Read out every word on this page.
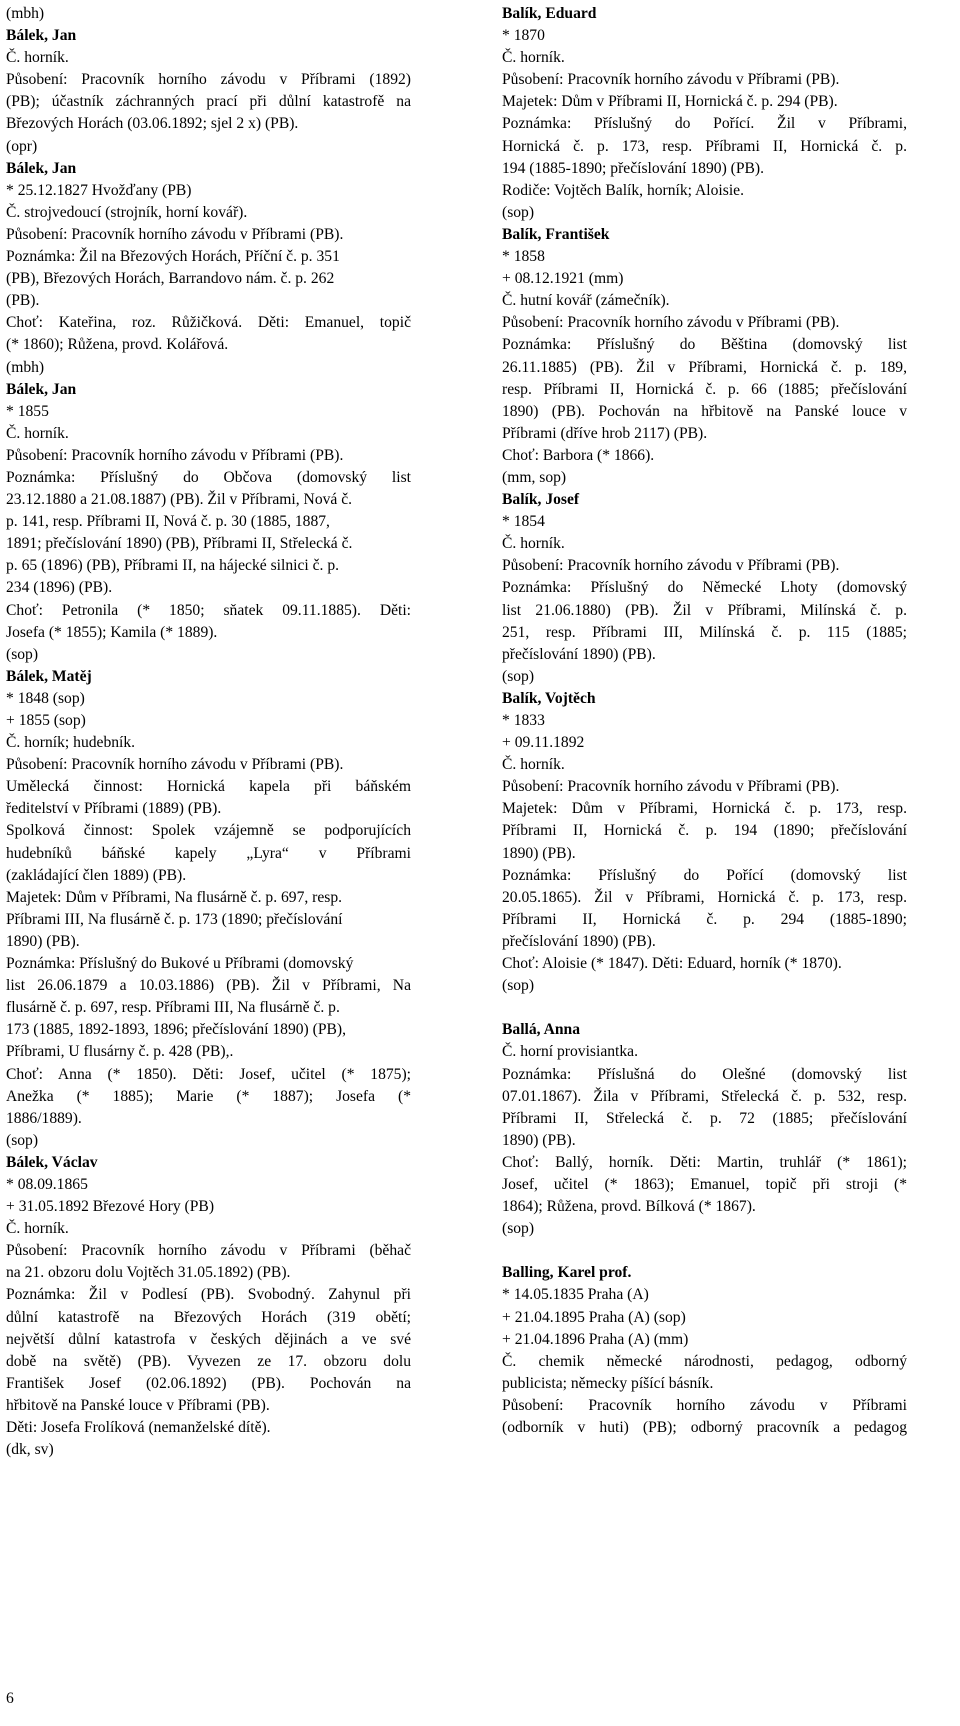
(mbh)
Bálek, Jan
Č. horník.
Působení: Pracovník horního závodu v Příbrami (1892)
(PB); účastník záchranných prací při důlní katastrofě na
Březových Horách (03.06.1892; sjel 2 x) (PB).
(opr)
Bálek, Jan
* 25.12.1827 Hvožďany (PB)
Č. strojvedoucí (strojník, horní kovář).
Působení: Pracovník horního závodu v Příbrami (PB).
Poznámka: Žil na Březových Horách, Příční č. p. 351
(PB), Březových Horách, Barrandovo nám. č. p. 262
(PB).
Choť: Kateřina, roz. Růžičková. Děti: Emanuel, topič
(* 1860); Růžena, provd. Kolářová.
(mbh)
Bálek, Jan
* 1855
Č. horník.
Působení: Pracovník horního závodu v Příbrami (PB).
Poznámka: Příslušný do Občova (domovský list
23.12.1880 a 21.08.1887) (PB). Žil v Příbrami, Nová č.
p. 141, resp. Příbrami II, Nová č. p. 30 (1885, 1887,
1891; přečíslování 1890) (PB), Příbrami II, Střelecká č.
p. 65 (1896) (PB), Příbrami II, na hájecké silnici č. p.
234 (1896) (PB).
Choť: Petronila (* 1850; sňatek 09.11.1885). Děti:
Josefa (* 1855); Kamila (* 1889).
(sop)
Bálek, Matěj
* 1848 (sop)
+ 1855 (sop)
Č. horník; hudebník.
Působení: Pracovník horního závodu v Příbrami (PB).
Umělecká činnost: Hornická kapela při báňském
ředitelství v Příbrami (1889) (PB).
Spolková činnost: Spolek vzájemně se podporujících
hudebníků báňské kapely „Lyra“ v Příbrami
(zakládající člen 1889) (PB).
Majetek: Dům v Příbrami, Na flusárně č. p. 697, resp.
Příbrami III, Na flusárně č. p. 173 (1890; přečíslování
1890) (PB).
Poznámka: Příslušný do Bukové u Příbrami (domovský
list 26.06.1879 a 10.03.1886) (PB). Žil v Příbrami, Na
flusárně č. p. 697, resp. Příbrami III, Na flusárně č. p.
173 (1885, 1892-1893, 1896; přečíslování 1890) (PB),
Příbrami, U flusárny č. p. 428 (PB),.
Choť: Anna (* 1850). Děti: Josef, učitel (* 1875);
Anežka (* 1885); Marie (* 1887); Josefa (*
1886/1889).
(sop)
Bálek, Václav
* 08.09.1865
+ 31.05.1892 Březové Hory (PB)
Č. horník.
Působení: Pracovník horního závodu v Příbrami (běhač
na 21. obzoru dolu Vojtěch 31.05.1892) (PB).
Poznámka: Žil v Podlesí (PB). Svobodný. Zahynul při
důlní katastrofě na Březových Horách (319 obětí;
největší důlní katastrofa v českých dějinách a ve své
době na světě) (PB). Vyvezen ze 17. obzoru dolu
František Josef (02.06.1892) (PB). Pochován na
hřbitově na Panské louce v Příbrami (PB).
Děti: Josefa Frolíková (nemanželské dítě).
(dk, sv)
Balík, Eduard
* 1870
Č. horník.
Působení: Pracovník horního závodu v Příbrami (PB).
Majetek: Dům v Příbrami II, Hornická č. p. 294 (PB).
Poznámka: Příslušný do Pořící. Žil v Příbrami,
Hornická č. p. 173, resp. Příbrami II, Hornická č. p.
194 (1885-1890; přečíslování 1890) (PB).
Rodiče: Vojtěch Balík, horník; Aloisie.
(sop)
Balík, František
* 1858
+ 08.12.1921 (mm)
Č. hutní kovář (zámečník).
Působení: Pracovník horního závodu v Příbrami (PB).
Poznámka: Příslušný do Běština (domovský list
26.11.1885) (PB). Žil v Příbrami, Hornická č. p. 189,
resp. Příbrami II, Hornická č. p. 66 (1885; přečíslování
1890) (PB). Pochován na hřbitově na Panské louce v
Příbrami (dříve hrob 2117) (PB).
Choť: Barbora (* 1866).
(mm, sop)
Balík, Josef
* 1854
Č. horník.
Působení: Pracovník horního závodu v Příbrami (PB).
Poznámka: Příslušný do Německé Lhoty (domovský
list 21.06.1880) (PB). Žil v Příbrami, Milínská č. p.
251, resp. Příbrami III, Milínská č. p. 115 (1885;
přečíslování 1890) (PB).
(sop)
Balík, Vojtěch
* 1833
+ 09.11.1892
Č. horník.
Působení: Pracovník horního závodu v Příbrami (PB).
Majetek: Dům v Příbrami, Hornická č. p. 173, resp.
Příbrami II, Hornická č. p. 194 (1890; přečíslování
1890) (PB).
Poznámka: Příslušný do Pořící (domovský list
20.05.1865). Žil v Příbrami, Hornická č. p. 173, resp.
Příbrami II, Hornická č. p. 294 (1885-1890;
přečíslování 1890) (PB).
Choť: Aloisie (* 1847). Děti: Eduard, horník (* 1870).
(sop)
Ballá, Anna
Č. horní provisiantka.
Poznámka: Příslušná do Olešné (domovský list
07.01.1867). Žila v Příbrami, Střelecká č. p. 532, resp.
Příbrami II, Střelecká č. p. 72 (1885; přečíslování
1890) (PB).
Choť: Ballý, horník. Děti: Martin, truhlář (* 1861);
Josef, učitel (* 1863); Emanuel, topič při stroji (*
1864); Růžena, provd. Bílková (* 1867).
(sop)
Balling, Karel prof.
* 14.05.1835 Praha (A)
+ 21.04.1895 Praha (A) (sop)
+ 21.04.1896 Praha (A) (mm)
Č. chemik německé národnosti, pedagog, odborný
publicista; německy píšící básník.
Působení: Pracovník horního závodu v Příbrami
(odborník v huti) (PB); odborný pracovník a pedagog
6
